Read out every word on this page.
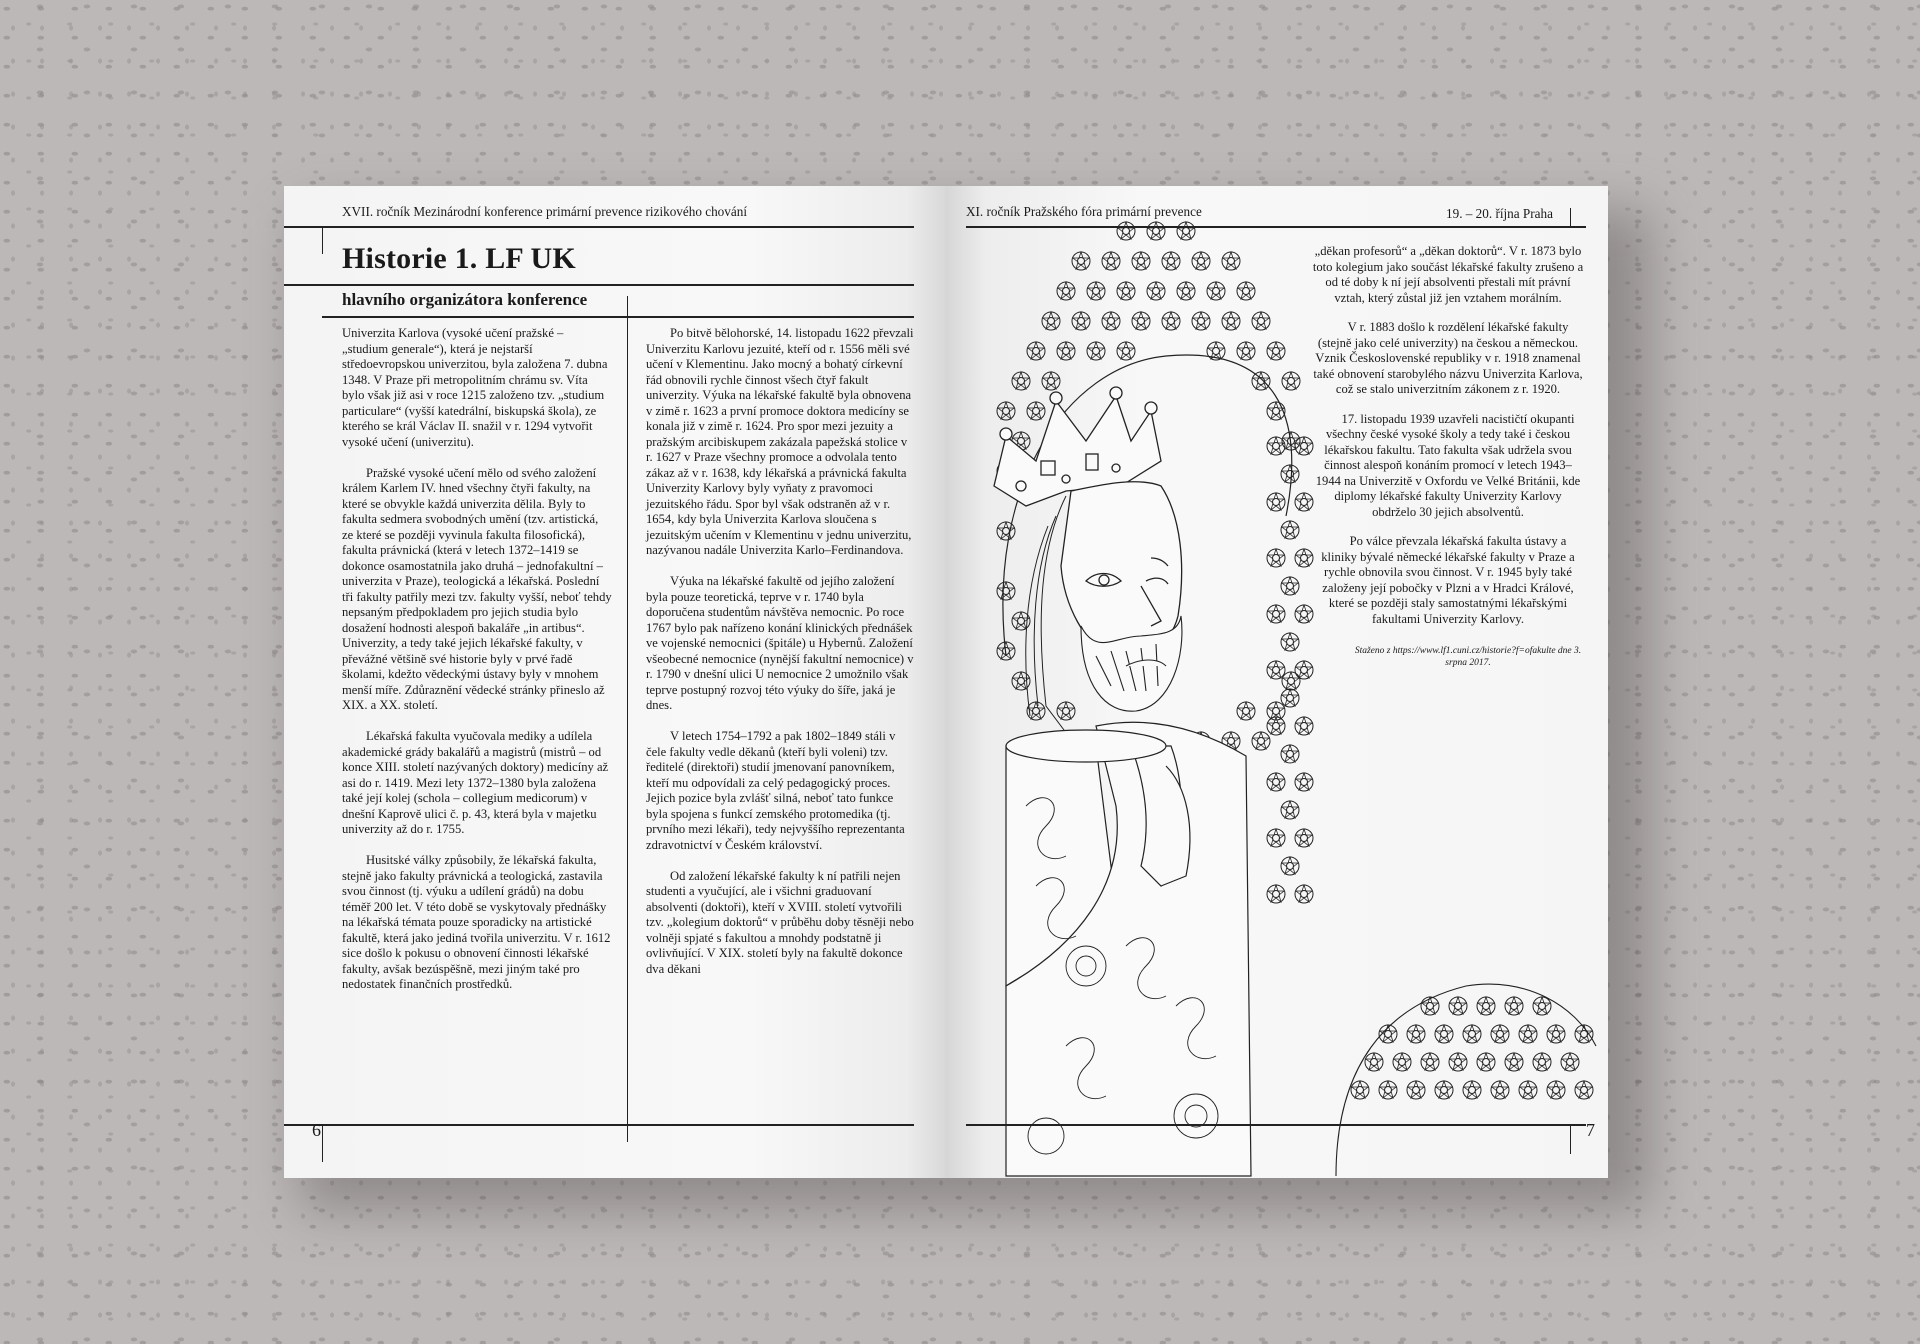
XVII. ročník Mezinárodní konference primární prevence rizikového chování
Historie 1. LF UK
hlavního organizátora konference

Univerzita Karlova (vysoké učení pražské – „studium generale“), která je nejstarší středoevropskou univerzitou, byla založena 7. dubna 1348. V Praze při metropolitním chrámu sv. Víta bylo však již asi v roce 1215 založeno tzv. „studium particulare“ (vyšší katedrální, biskupská škola), ze kterého se král Václav II. snažil v r. 1294 vytvořit vysoké učení (univerzitu).

Pražské vysoké učení mělo od svého založení králem Karlem IV. hned všechny čtyři fakulty, na které se obvykle každá univerzita dělila. Byly to fakulta sedmera svobodných umění (tzv. artistická, ze které se později vyvinula fakulta filosofická), fakulta právnická (která v letech 1372–1419 se dokonce osamostatnila jako druhá – jednofakultní – univerzita v Praze), teologická a lékařská. Poslední tři fakulty patřily mezi tzv. fakulty vyšší, neboť tehdy nepsaným předpokladem pro jejich studia bylo dosažení hodnosti alespoň bakaláře „in artibus“. Univerzity, a tedy také jejich lékařské fakulty, v převážné většině své historie byly v prvé řadě školami, kdežto vědeckými ústavy byly v mnohem menší míře. Zdůraznění vědecké stránky přineslo až XIX. a XX. století.

Lékařská fakulta vyučovala mediky a udílela akademické grády bakalářů a magistrů (mistrů – od konce XIII. století nazývaných doktory) medicíny až asi do r. 1419. Mezi lety 1372–1380 byla založena také její kolej (schola – collegium medicorum) v dnešní Kaprově ulici č. p. 43, která byla v majetku univerzity až do r. 1755.

Husitské války způsobily, že lékařská fakulta, stejně jako fakulty právnická a teologická, zastavila svou činnost (tj. výuku a udílení grádů) na dobu téměř 200 let. V této době se vyskytovaly přednášky na lékařská témata pouze sporadicky na artistické fakultě, která jako jediná tvořila univerzitu. V r. 1612 sice došlo k pokusu o obnovení činnosti lékařské fakulty, avšak bezúspěšně, mezi jiným také pro nedostatek finančních prostředků.

Po bitvě bělohorské, 14. listopadu 1622 převzali Univerzitu Karlovu jezuité, kteří od r. 1556 měli své učení v Klementinu. Jako mocný a bohatý církevní řád obnovili rychle činnost všech čtyř fakult univerzity. Výuka na lékařské fakultě byla obnovena v zimě r. 1623 a první promoce doktora medicíny se konala již v zimě r. 1624. Pro spor mezi jezuity a pražským arcibiskupem zakázala papežská stolice v r. 1627 v Praze všechny promoce a odvolala tento zákaz až v r. 1638, kdy lékařská a právnická fakulta Univerzity Karlovy byly vyňaty z pravomoci jezuitského řádu. Spor byl však odstraněn až v r. 1654, kdy byla Univerzita Karlova sloučena s jezuitským učením v Klementinu v jednu univerzitu, nazývanou nadále Univerzita Karlo–Ferdinandova.

Výuka na lékařské fakultě od jejího založení byla pouze teoretická, teprve v r. 1740 byla doporučena studentům návštěva nemocnic. Po roce 1767 bylo pak nařízeno konání klinických přednášek ve vojenské nemocnici (špitále) u Hybernů. Založení všeobecné nemocnice (nynější fakultní nemocnice) v r. 1790 v dnešní ulici U nemocnice 2 umožnilo však teprve postupný rozvoj této výuky do šíře, jaká je dnes.

V letech 1754–1792 a pak 1802–1849 stáli v čele fakulty vedle děkanů (kteří byli voleni) tzv. ředitelé (direktoři) studií jmenovaní panovníkem, kteří mu odpovídali za celý pedagogický proces. Jejich pozice byla zvlášť silná, neboť tato funkce byla spojena s funkcí zemského protomedika (tj. prvního mezi lékaři), tedy nejvyššího reprezentanta zdravotnictví v Českém království.

Od založení lékařské fakulty k ní patřili nejen studenti a vyučující, ale i všichni graduovaní absolventi (doktoři), kteří v XVIII. století vytvořili tzv. „kolegium doktorů“ v průběhu doby těsněji nebo volněji spjaté s fakultou a mnohdy podstatně ji ovlivňující. V XIX. století byly na fakultě dokonce dva děkani

6
XI. ročník Pražského fóra primární prevence	19. – 20. října Praha

„děkan profesorů“ a „děkan doktorů“. V r. 1873 bylo toto kolegium jako součást lékařské fakulty zrušeno a od té doby k ní její absolventi přestali mít právní vztah, který zůstal již jen vztahem morálním.

V r. 1883 došlo k rozdělení lékařské fakulty (stejně jako celé univerzity) na českou a německou. Vznik Československé republiky v r. 1918 znamenal také obnovení starobylého názvu Univerzita Karlova, což se stalo univerzitním zákonem z r. 1920.

17. listopadu 1939 uzavřeli nacističtí okupanti všechny české vysoké školy a tedy také i českou lékařskou fakultu. Tato fakulta však udržela svou činnost alespoň konáním promocí v letech 1943–1944 na Univerzitě v Oxfordu ve Velké Británii, kde diplomy lékařské fakulty Univerzity Karlovy obdrželo 30 jejich absolventů.

Po válce převzala lékařská fakulta ústavy a kliniky bývalé německé lékařské fakulty v Praze a rychle obnovila svou činnost. V r. 1945 byly také založeny její pobočky v Plzni a v Hradci Králové, které se později staly samostatnými lékařskými fakultami Univerzity Karlovy.

Staženo z https://www.lf1.cuni.cz/historie?f=ofakulte dne 3. srpna 2017.
7
